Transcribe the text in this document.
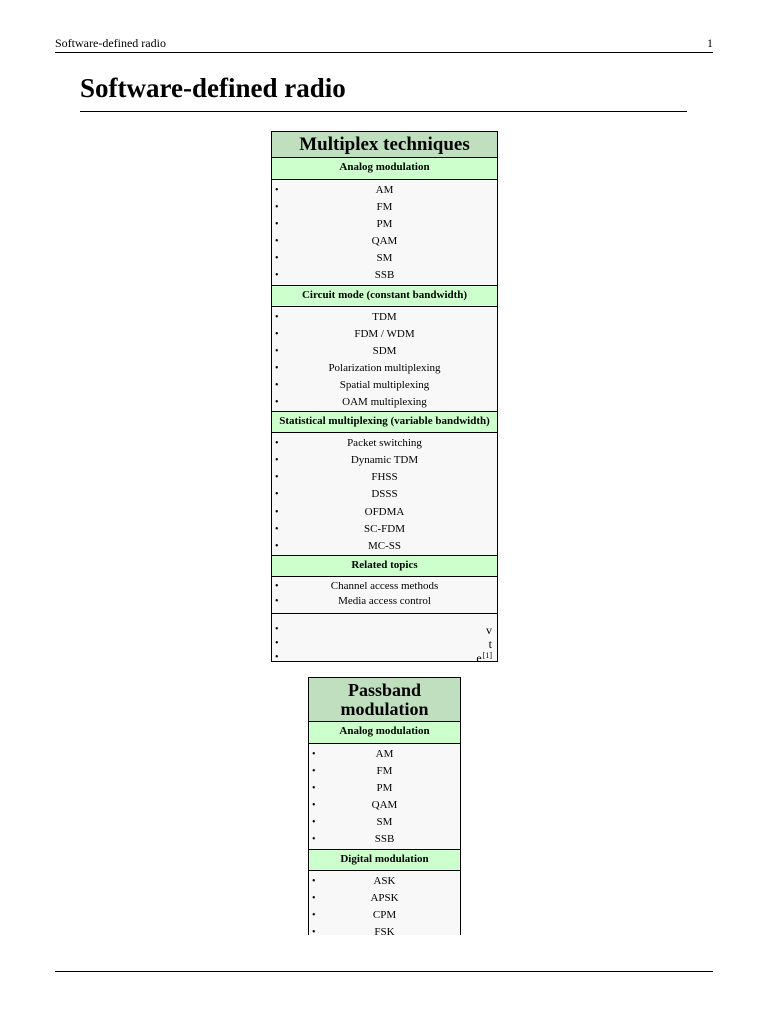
Software-defined radio	1
Software-defined radio
Multiplex techniques
Analog modulation
•	AM
•	FM
•	PM
•	QAM
•	SM
•	SSB
Circuit mode (constant bandwidth)
•	TDM
•	FDM / WDM
•	SDM
•	Polarization multiplexing
•	Spatial multiplexing
•	OAM multiplexing
Statistical multiplexing (variable bandwidth)
•	Packet switching
•	Dynamic TDM
•	FHSS
•	DSSS
•	OFDMA
•	SC-FDM
•	MC-SS
Related topics
•	Channel access methods
•	Media access control
•	v
•	t
•	e[1]
Passband
modulation
Analog modulation
•	AM
•	FM
•	PM
•	QAM
•	SM
•	SSB
Digital modulation
•	ASK
•	APSK
•	CPM
•	FSK
